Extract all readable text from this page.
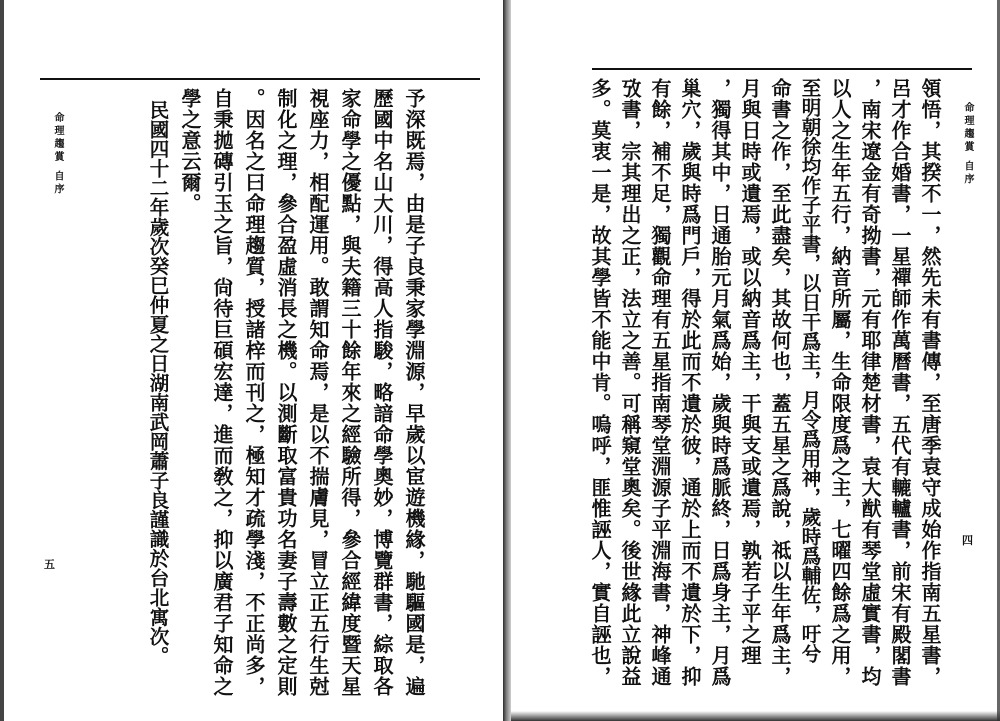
命理趨賞 自序
五	予深既焉，由是子良秉家學淵源，早歲以宦遊機緣，馳驅國是，遍
歷國中名山大川，得高人指駿，略諳命學奧妙，博覽群書，綜取各
家命學之優點，與夫籍三十餘年來之經驗所得，參合經緯度暨天星
視座力，相配運用。敢謂知命焉，是以不揣膚見，冒立正五行生尅
制化之理，參合盈虛消長之機。以測斷取富貴功名妻子壽數之定則
。因名之曰命理趨質，授諸梓而刊之，極知才疏學淺，不正尚多，
自秉拋磚引玉之旨，尙待巨碩宏達，進而敎之，抑以廣君子知命之
學之意云爾。
民國四十二年歲次癸巳仲夏之日湖南武岡蕭子良謹識於台北寓次。	命理趨賞 自序
四
領悟，其揆不一，然先未有書傳，至唐季袁守成始作指南五星書，
呂才作合婚書，一星禪師作萬曆書，五代有轆轤書，前宋有殿閣書
，南宋遼金有奇拗書，元有耶律楚材書，袁大猷有琴堂虛實書，均
以人之生年五行，納音所屬，生命限度爲之主，七曜四餘爲之用，
至明朝徐均作子平書，以日干爲主，月令爲用神，歲時爲輔佐，吁兮
命書之作，至此盡矣，其故何也，蓋五星之爲說，祗以生年爲主，
月與日時或遺焉，或以納音爲主，干與支或遺焉，孰若子平之理
，獨得其中，日通胎元月氣爲始，歲與時爲脈終，日爲身主，月爲
巢穴，歲與時爲門戶，得於此而不遺於彼，通於上而不遺於下，抑
有餘，補不足，獨觀命理有五星指南琴堂淵源子平淵海書，神峰通
攷書，宗其理出之正，法立之善。可稱窺堂奧矣。後世緣此立說益
多。莫衷一是，故其學皆不能中肯。嗚呼，匪惟誣人，實自誣也，
